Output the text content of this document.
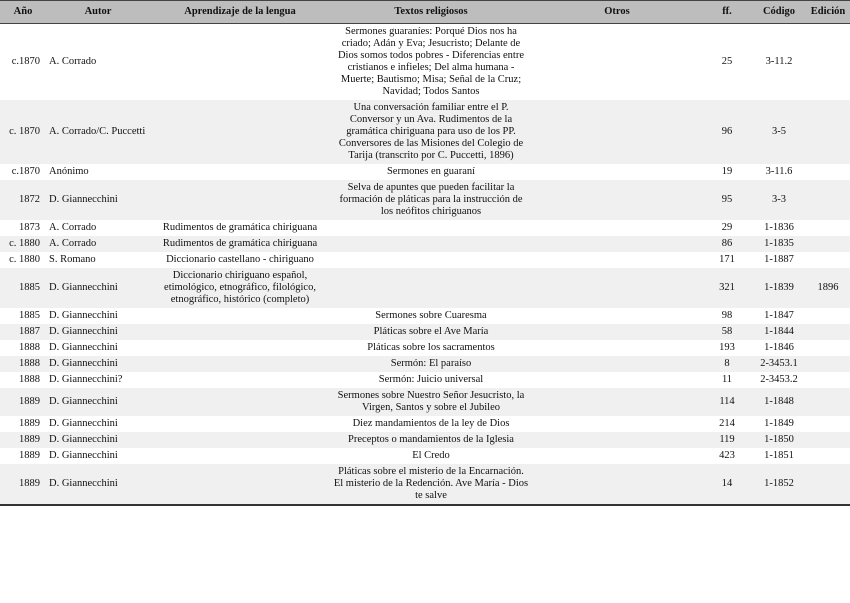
Año	Autor	Aprendizaje de la lengua	Textos religiosos	Otros	ff.	Código	Edición
c.1870	A. Corrado		Sermones guaraníes: Porqué Dios nos ha criado; Adán y Eva; Jesucristo; Delante de Dios somos todos pobres - Diferencias entre cristianos e infieles; Del alma humana - Muerte; Bautismo; Misa; Señal de la Cruz; Navidad; Todos Santos		25	3-11.2	
c. 1870	A. Corrado/C. Puccetti		Una conversación familiar entre el P. Conversor y un Ava. Rudimentos de la gramática chiriguana para uso de los PP. Conversores de las Misiones del Colegio de Tarija (transcrito por C. Puccetti, 1896)		96	3-5	
c.1870	Anónimo		Sermones en guaraní		19	3-11.6	
1872	D. Giannecchini		Selva de apuntes que pueden facilitar la formación de pláticas para la instrucción de los neófitos chiriguanos		95	3-3	
1873	A. Corrado	Rudimentos de gramática chiriguana			29	1-1836	
c. 1880	A. Corrado	Rudimentos de gramática chiriguana			86	1-1835	
c. 1880	S. Romano	Diccionario castellano - chiriguano			171	1-1887	
1885	D. Giannecchini	Diccionario chiriguano español, etimológico, etnográfico, filológico, etnográfico, histórico (completo)			321	1-1839	1896
1885	D. Giannecchini		Sermones sobre Cuaresma		98	1-1847	
1887	D. Giannecchini		Pláticas sobre el Ave María		58	1-1844	
1888	D. Giannecchini		Pláticas sobre los sacramentos		193	1-1846	
1888	D. Giannecchini		Sermón: El paraíso		8	2-3453.1	
1888	D. Giannecchini?		Sermón: Juicio universal		11	2-3453.2	
1889	D. Giannecchini		Sermones sobre Nuestro Señor Jesucristo, la Virgen, Santos y sobre el Jubileo		114	1-1848	
1889	D. Giannecchini		Diez mandamientos de la ley de Dios		214	1-1849	
1889	D. Giannecchini		Preceptos o mandamientos de la Iglesia		119	1-1850	
1889	D. Giannecchini		El Credo		423	1-1851	
1889	D. Giannecchini		Pláticas sobre el misterio de la Encarnación. El misterio de la Redención. Ave María - Dios te salve		14	1-1852	
